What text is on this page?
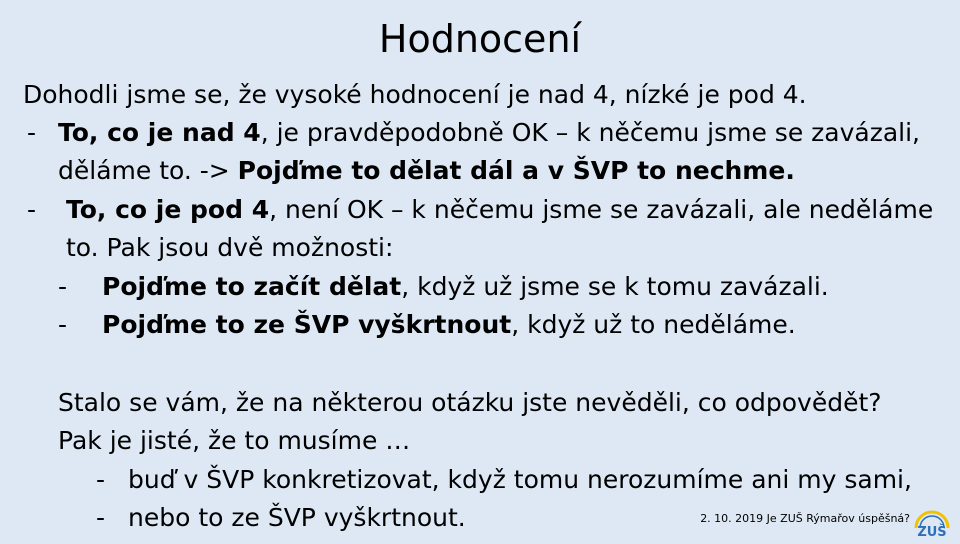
Hodnocení
Dohodli jsme se, že vysoké hodnocení je nad 4, nízké je pod 4.
- To, co je nad 4, je pravděpodobně OK – k něčemu jsme se zavázali,
děláme to. -> Pojďme to dělat dál a v ŠVP to nechme.
- To, co je pod 4, není OK – k něčemu jsme se zavázali, ale neděláme
to. Pak jsou dvě možnosti:
- Pojďme to začít dělat, když už jsme se k tomu zavázali.
- Pojďme to ze ŠVP vyškrtnout, když už to neděláme.
Stalo se vám, že na některou otázku jste nevěděli, co odpovědět?
Pak je jisté, že to musíme …
- buď v ŠVP konkretizovat, když tomu nerozumíme ani my sami,
- nebo to ze ŠVP vyškrtnout.	2. 10. 2019 Je ZUŠ Rýmařov úspěšná?
ZUŠ
